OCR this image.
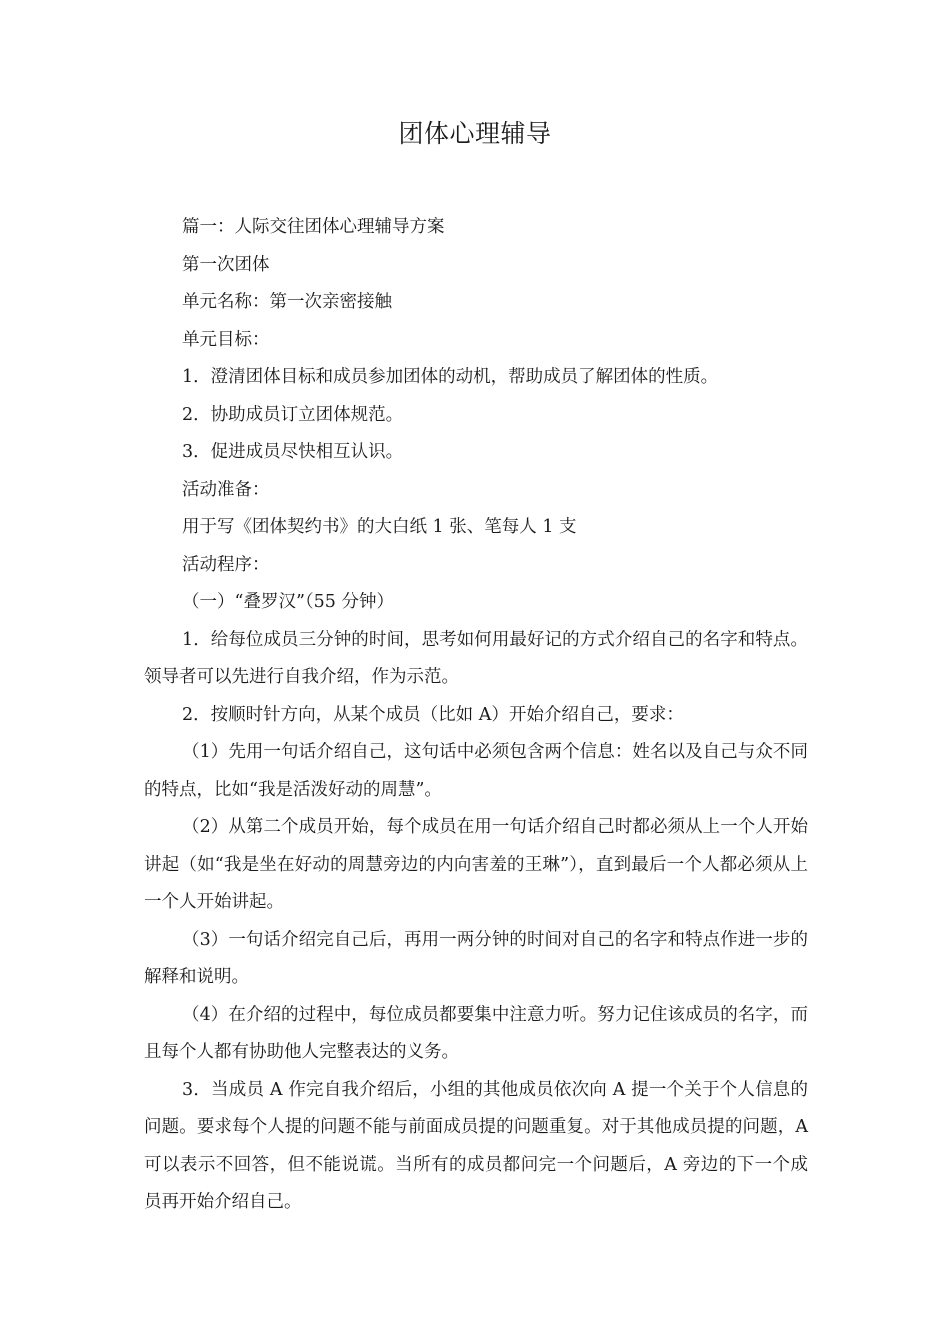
团体心理辅导

篇一：人际交往团体心理辅导方案

第一次团体

单元名称：第一次亲密接触

单元目标：

1．澄清团体目标和成员参加团体的动机，帮助成员了解团体的性质。

2．协助成员订立团体规范。

3．促进成员尽快相互认识。

活动准备：

用于写《团体契约书》的大白纸 1 张、笔每人 1 支

活动程序：

（一）“叠罗汉”（55 分钟）

1．给每位成员三分钟的时间，思考如何用最好记的方式介绍自己的名字和特点。领导者可以先进行自我介绍，作为示范。

2．按顺时针方向，从某个成员（比如 A）开始介绍自己，要求：

（1）先用一句话介绍自己，这句话中必须包含两个信息：姓名以及自己与众不同的特点，比如“我是活泼好动的周慧”。

（2）从第二个成员开始，每个成员在用一句话介绍自己时都必须从上一个人开始讲起（如“我是坐在好动的周慧旁边的内向害羞的王琳”），直到最后一个人都必须从上一个人开始讲起。

（3）一句话介绍完自己后，再用一两分钟的时间对自己的名字和特点作进一步的解释和说明。

（4）在介绍的过程中，每位成员都要集中注意力听。努力记住该成员的名字，而且每个人都有协助他人完整表达的义务。

3．当成员 A 作完自我介绍后，小组的其他成员依次向 A 提一个关于个人信息的问题。要求每个人提的问题不能与前面成员提的问题重复。对于其他成员提的问题，A 可以表示不回答，但不能说谎。当所有的成员都问完一个问题后，A 旁边的下一个成员再开始介绍自己。
